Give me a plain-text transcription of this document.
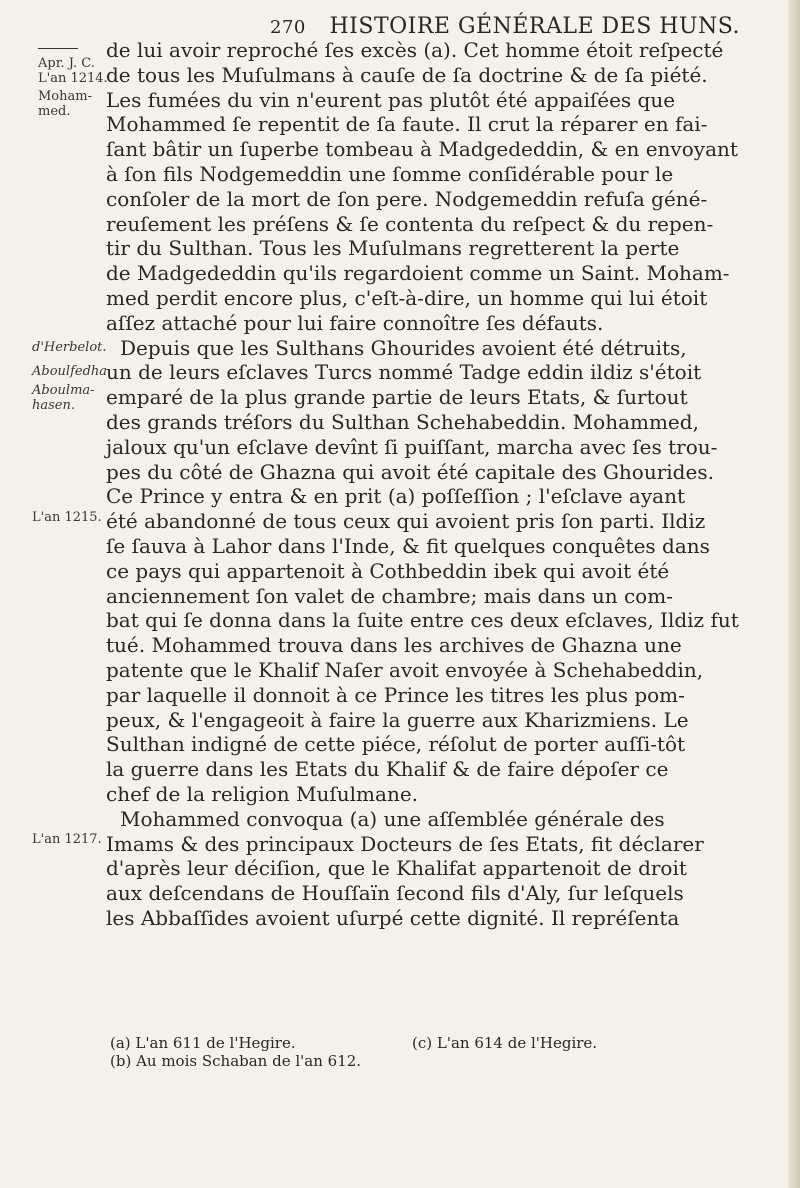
270 HISTOIRE GÉNÉRALE DES HUNS.
Apr. J. C.
L'an 1214.
Moham-
med.
d'Herbelot.
Aboulfedha
Aboulma-
hasen.
L'an 1215.
L'an 1217.
de lui avoir reproché ſes excès (a). Cet homme étoit reſpecté
de tous les Muſulmans à cauſe de ſa doctrine & de ſa piété.
Les fumées du vin n'eurent pas plutôt été appaiſées que
Mohammed ſe repentit de ſa faute. Il crut la réparer en fai-
ſant bâtir un ſuperbe tombeau à Madgededdin, & en envoyant
à ſon fils Nodgemeddin une ſomme conſidérable pour le
conſoler de la mort de ſon pere. Nodgemeddin refuſa géné-
reuſement les préſens & ſe contenta du reſpect & du repen-
tir du Sulthan. Tous les Muſulmans regretterent la perte
de Madgededdin qu'ils regardoient comme un Saint. Moham-
med perdit encore plus, c'eſt-à-dire, un homme qui lui étoit
aſſez attaché pour lui faire connoître ſes défauts.
Depuis que les Sulthans Ghourides avoient été détruits,
un de leurs eſclaves Turcs nommé Tadge eddin ildiz s'étoit
emparé de la plus grande partie de leurs Etats, & ſurtout
des grands tréſors du Sulthan Schehabeddin. Mohammed,
jaloux qu'un eſclave devînt ſi puiſſant, marcha avec ſes trou-
pes du côté de Ghazna qui avoit été capitale des Ghourides.
Ce Prince y entra & en prit (a) poſſeſſion ; l'eſclave ayant
été abandonné de tous ceux qui avoient pris ſon parti. Ildiz
ſe ſauva à Lahor dans l'Inde, & fit quelques conquêtes dans
ce pays qui appartenoit à Cothbeddin ibek qui avoit été
anciennement ſon valet de chambre; mais dans un com-
bat qui ſe donna dans la ſuite entre ces deux eſclaves, Ildiz fut
tué. Mohammed trouva dans les archives de Ghazna une
patente que le Khalif Naſer avoit envoyée à Schehabeddin,
par laquelle il donnoit à ce Prince les titres les plus pom-
peux, & l'engageoit à faire la guerre aux Kharizmiens. Le
Sulthan indigné de cette piéce, réſolut de porter auſſi-tôt
la guerre dans les Etats du Khalif & de faire dépoſer ce
chef de la religion Muſulmane.
Mohammed convoqua (a) une aſſemblée générale des
Imams & des principaux Docteurs de ſes Etats, fit déclarer
d'après leur déciſion, que le Khalifat appartenoit de droit
aux deſcendans de Houſſaïn ſecond fils d'Aly, ſur leſquels
les Abbaſſides avoient uſurpé cette dignité. Il repréſenta
(a) L'an 611 de l'Hegire.
(b) Au mois Schaban de l'an 612.
(c) L'an 614 de l'Hegire.
